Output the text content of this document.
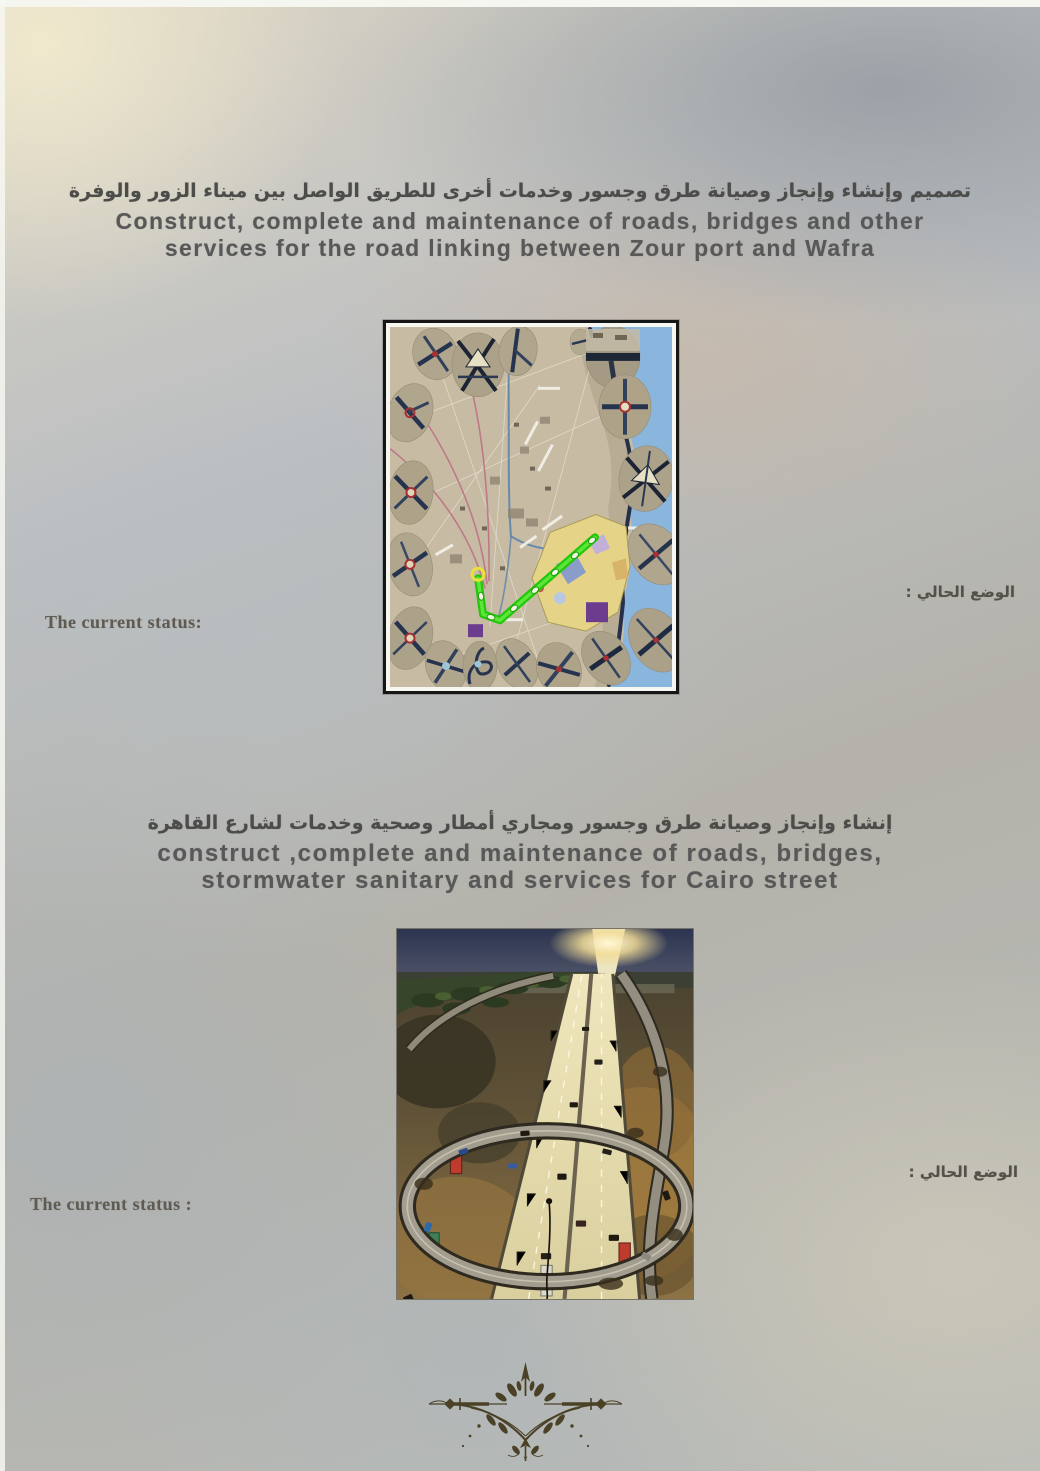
تصميم وإنشاء وإنجاز وصيانة طرق وجسور وخدمات أخرى للطريق الواصل بين ميناء الزور والوفرة
Construct, complete and maintenance of roads, bridges and other
services for the road linking between Zour port and Wafra
The current status:
الوضع الحالي :
إنشاء وإنجاز وصيانة طرق وجسور ومجاري أمطار وصحية وخدمات لشارع القاهرة
construct ,complete and maintenance of roads, bridges,
stormwater sanitary and services for Cairo street
The current status :
الوضع الحالي :
